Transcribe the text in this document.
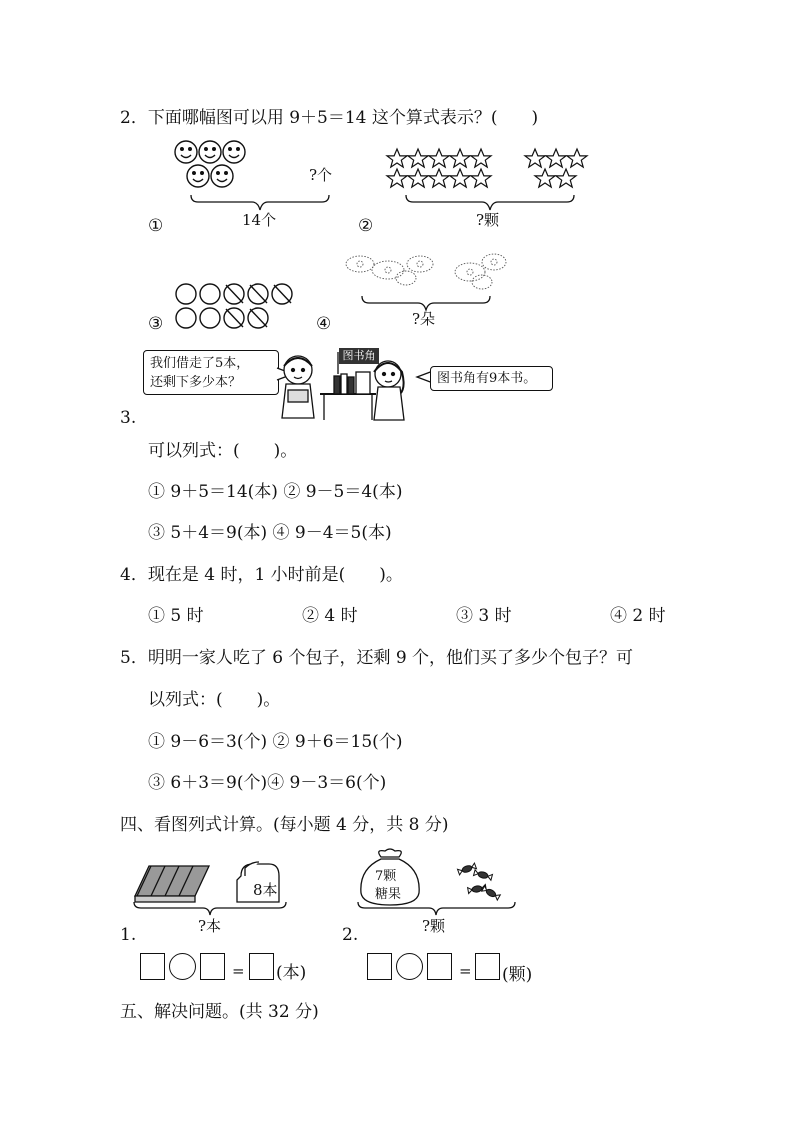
2．下面哪幅图可以用 9＋5＝14 这个算式表示？(　　)
?个
14个
①	?颗
②
③	?朵
④
3.
我们借走了5本，
还剩下多少本？
图书角
图书角有9本书。
可以列式：(　　)。
① 9＋5＝14(本) ② 9－5＝4(本)
③ 5＋4＝9(本) ④ 9－4＝5(本)
4．现在是 4 时，1 小时前是(　　)。
① 5 时	② 4 时	③ 3 时	④ 2 时
5．明明一家人吃了 6 个包子，还剩 9 个，他们买了多少个包子？可
以列式：(　　)。
① 9－6＝3(个) ② 9＋6＝15(个)
③ 6＋3＝9(个)④ 9－3＝6(个)
四、看图列式计算。(每小题 4 分，共 8 分)
8本
?本
1.
= (本)
7颗
糖果
?颗
2.
= (颗)
五、解决问题。(共 32 分)
